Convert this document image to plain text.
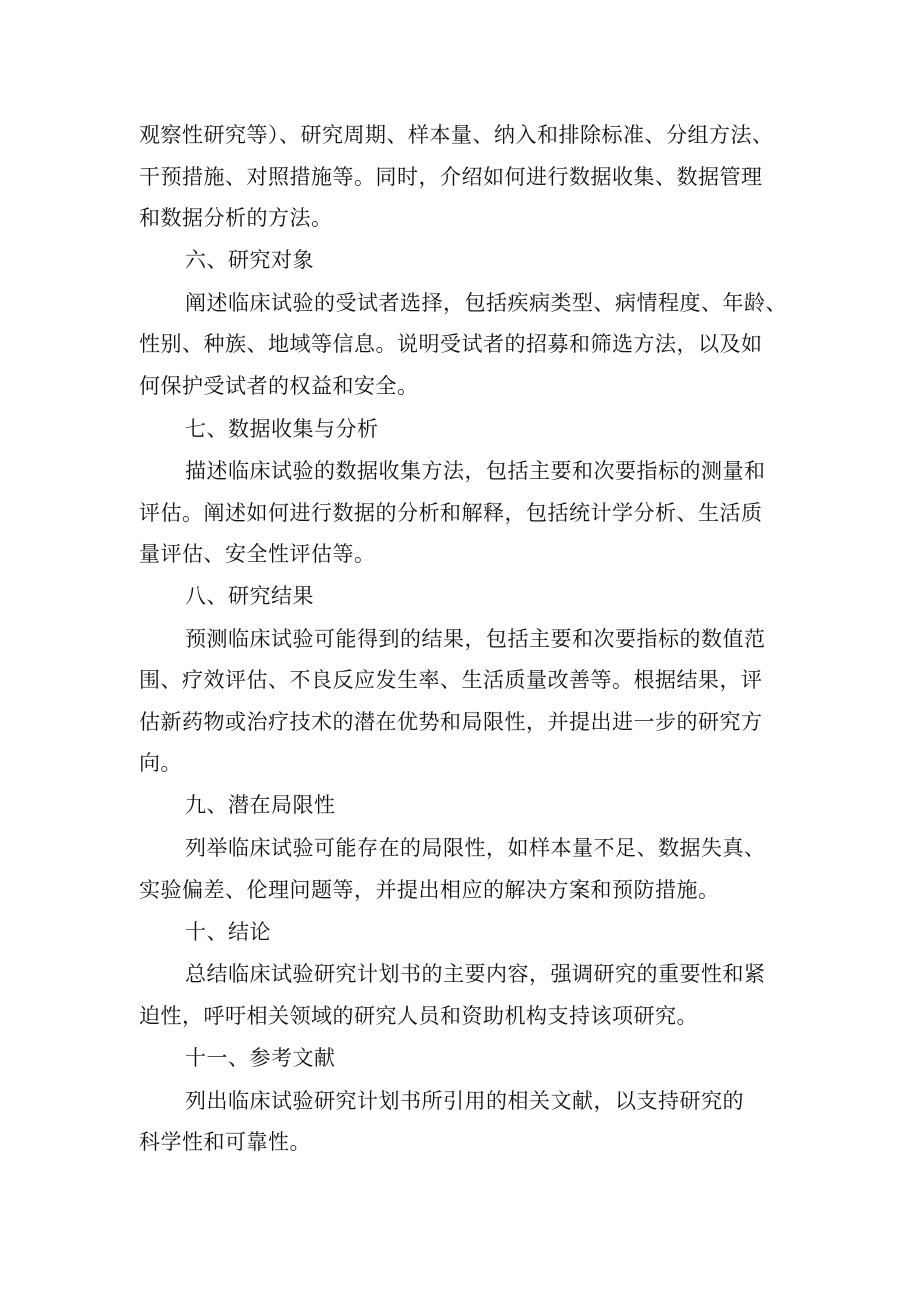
观察性研究等）、研究周期、样本量、纳入和排除标准、分组方法、
干预措施、对照措施等。同时，介绍如何进行数据收集、数据管理
和数据分析的方法。
六、研究对象
阐述临床试验的受试者选择，包括疾病类型、病情程度、年龄、
性别、种族、地域等信息。说明受试者的招募和筛选方法，以及如
何保护受试者的权益和安全。
七、数据收集与分析
描述临床试验的数据收集方法，包括主要和次要指标的测量和
评估。阐述如何进行数据的分析和解释，包括统计学分析、生活质
量评估、安全性评估等。
八、研究结果
预测临床试验可能得到的结果，包括主要和次要指标的数值范
围、疗效评估、不良反应发生率、生活质量改善等。根据结果，评
估新药物或治疗技术的潜在优势和局限性，并提出进一步的研究方
向。
九、潜在局限性
列举临床试验可能存在的局限性，如样本量不足、数据失真、
实验偏差、伦理问题等，并提出相应的解决方案和预防措施。
十、结论
总结临床试验研究计划书的主要内容，强调研究的重要性和紧
迫性，呼吁相关领域的研究人员和资助机构支持该项研究。
十一、参考文献
列出临床试验研究计划书所引用的相关文献，以支持研究的
科学性和可靠性。
